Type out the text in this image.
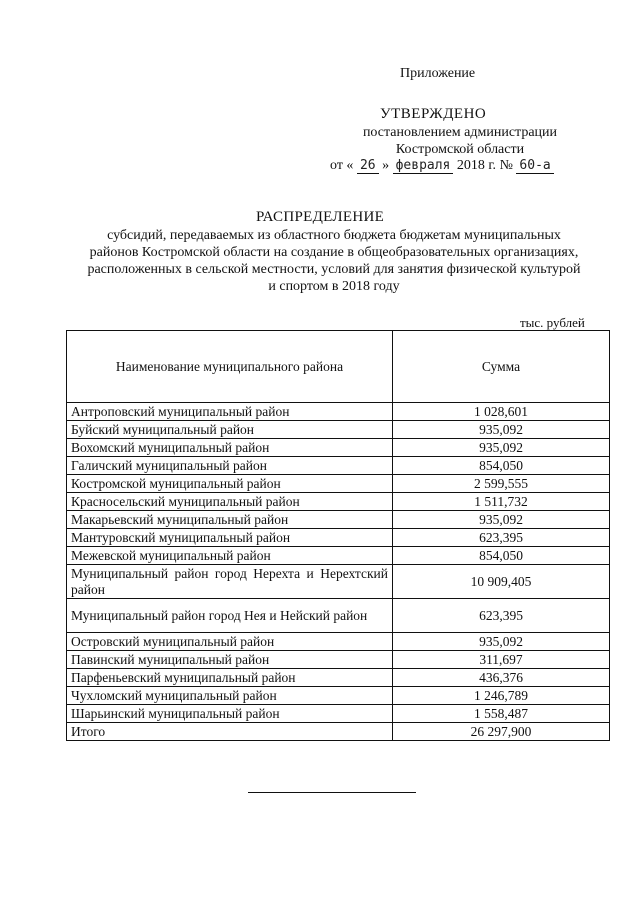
Приложение
УТВЕРЖДЕНО
постановлением администрации
Костромской области
от « 26 » февраля 2018 г. № 60-а
РАСПРЕДЕЛЕНИЕ
субсидий, передаваемых из областного бюджета бюджетам муниципальных
районов Костромской области на создание в общеобразовательных организациях,
расположенных в сельской местности, условий для занятия физической культурой
и спортом в 2018 году
тыс. рублей
Наименование муниципального района	Сумма
Антроповский муниципальный район	1 028,601
Буйский муниципальный район	935,092
Вохомский муниципальный район	935,092
Галичский муниципальный район	854,050
Костромской муниципальный район	2 599,555
Красносельский муниципальный район	1 511,732
Макарьевский муниципальный район	935,092
Мантуровский муниципальный район	623,395
Межевской муниципальный район	854,050
Муниципальный район город Нерехта и Нерехтский район	10 909,405
Муниципальный район город Нея и Нейский район	623,395
Островский муниципальный район	935,092
Павинский муниципальный район	311,697
Парфеньевский муниципальный район	436,376
Чухломский муниципальный район	1 246,789
Шарьинский муниципальный район	1 558,487
Итого	26 297,900
